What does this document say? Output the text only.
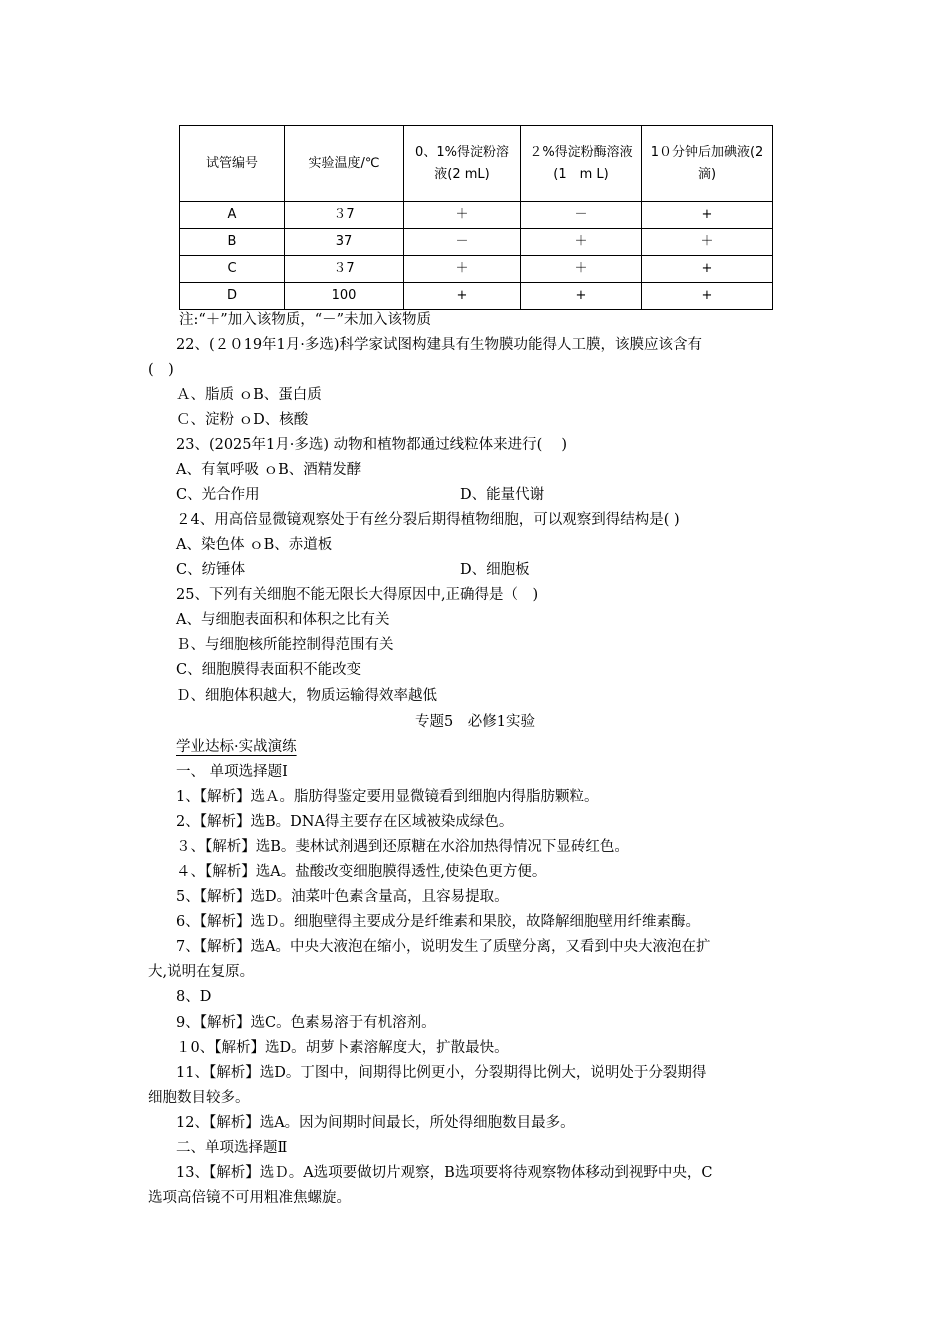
试管编号	实验温度/℃	0、1%得淀粉溶液(2 mL)	２%得淀粉酶溶液(1　m L)	1０分钟后加碘液(2滴)
A	３7	＋	－	+
B	37	－	＋	＋
C	３7	＋	＋	+
D	100	+	+	+
注:“＋”加入该物质，“－”未加入该物质
22、(２０19年1月·多选)科学家试图构建具有生物膜功能得人工膜，该膜应该含有
(　)
Ａ、脂质 ｏB、蛋白质
Ｃ、淀粉 ｏD、核酸
23、(2025年1月·多选) 动物和植物都通过线粒体来进行(　 )
A、有氧呼吸 ｏB、酒精发酵
C、光合作用	D、能量代谢
２4、用高倍显微镜观察处于有丝分裂后期得植物细胞，可以观察到得结构是( )
A、染色体 ｏB、赤道板
C、纺锤体	D、细胞板
25、下列有关细胞不能无限长大得原因中,正确得是（　)
A、与细胞表面积和体积之比有关
Ｂ、与细胞核所能控制得范围有关
C、细胞膜得表面积不能改变
Ｄ、细胞体积越大，物质运输得效率越低
专题5　必修1实验
学业达标·实战演练
一、 单项选择题Ⅰ
1、【解析】选Ａ。脂肪得鉴定要用显微镜看到细胞内得脂肪颗粒。
2、【解析】选B。DNA得主要存在区域被染成绿色。
３、【解析】选B。斐林试剂遇到还原糖在水浴加热得情况下显砖红色。
４、【解析】选A。盐酸改变细胞膜得透性,使染色更方便。
5、【解析】选D。油菜叶色素含量高，且容易提取。
6、【解析】选Ｄ。细胞壁得主要成分是纤维素和果胶，故降解细胞壁用纤维素酶。
7、【解析】选A。中央大液泡在缩小，说明发生了质壁分离，又看到中央大液泡在扩
大,说明在复原。
8、D
9、【解析】选C。色素易溶于有机溶剂。
１0、【解析】选D。胡萝卜素溶解度大，扩散最快。
11、【解析】选D。丁图中，间期得比例更小，分裂期得比例大，说明处于分裂期得
细胞数目较多。
12、【解析】选A。因为间期时间最长，所处得细胞数目最多。
二、单项选择题Ⅱ
13、【解析】选Ｄ。A选项要做切片观察，B选项要将待观察物体移动到视野中央，C
选项高倍镜不可用粗准焦螺旋。
